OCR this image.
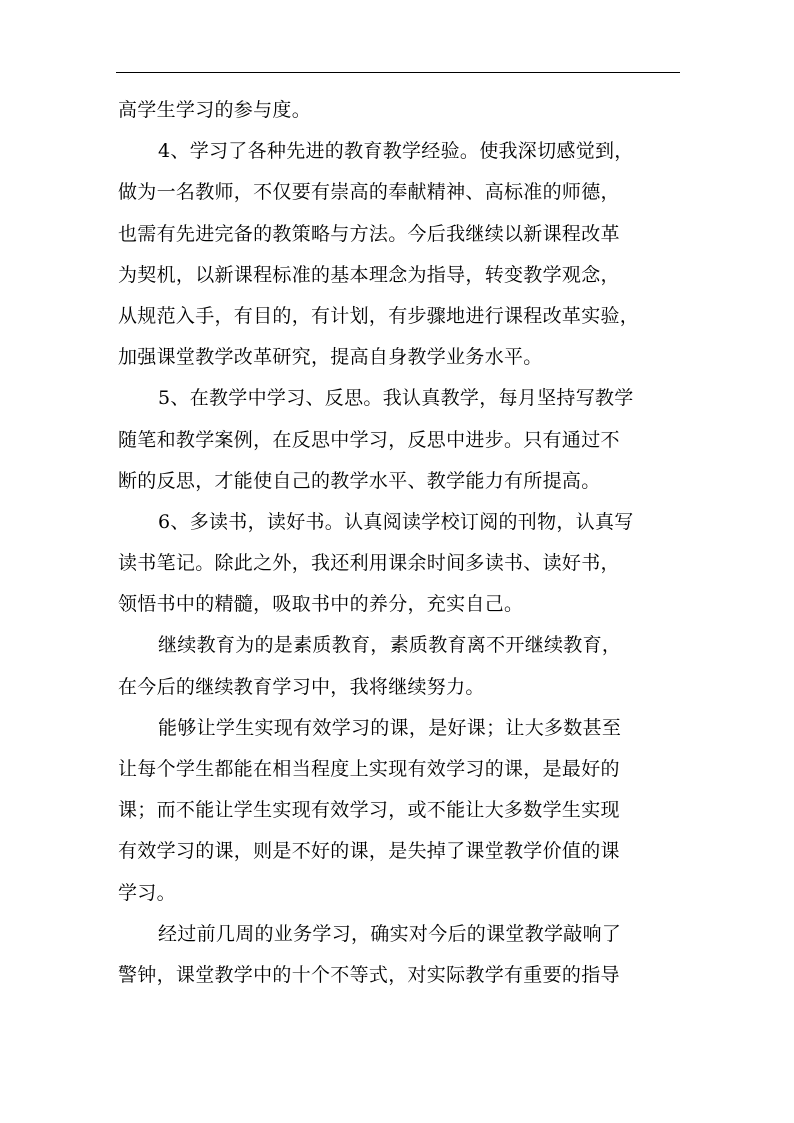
高学生学习的参与度。
4、学习了各种先进的教育教学经验。使我深切感觉到，
做为一名教师，不仅要有崇高的奉献精神、高标准的师德，
也需有先进完备的教策略与方法。今后我继续以新课程改革
为契机，以新课程标准的基本理念为指导，转变教学观念，
从规范入手，有目的，有计划，有步骤地进行课程改革实验，
加强课堂教学改革研究，提高自身教学业务水平。
5、在教学中学习、反思。我认真教学，每月坚持写教学
随笔和教学案例，在反思中学习，反思中进步。只有通过不
断的反思，才能使自己的教学水平、教学能力有所提高。
6、多读书，读好书。认真阅读学校订阅的刊物，认真写
读书笔记。除此之外，我还利用课余时间多读书、读好书，
领悟书中的精髓，吸取书中的养分，充实自己。
继续教育为的是素质教育，素质教育离不开继续教育，
在今后的继续教育学习中，我将继续努力。
能够让学生实现有效学习的课，是好课；让大多数甚至
让每个学生都能在相当程度上实现有效学习的课，是最好的
课；而不能让学生实现有效学习，或不能让大多数学生实现
有效学习的课，则是不好的课，是失掉了课堂教学价值的课
学习。
经过前几周的业务学习，确实对今后的课堂教学敲响了
警钟，课堂教学中的十个不等式，对实际教学有重要的指导
